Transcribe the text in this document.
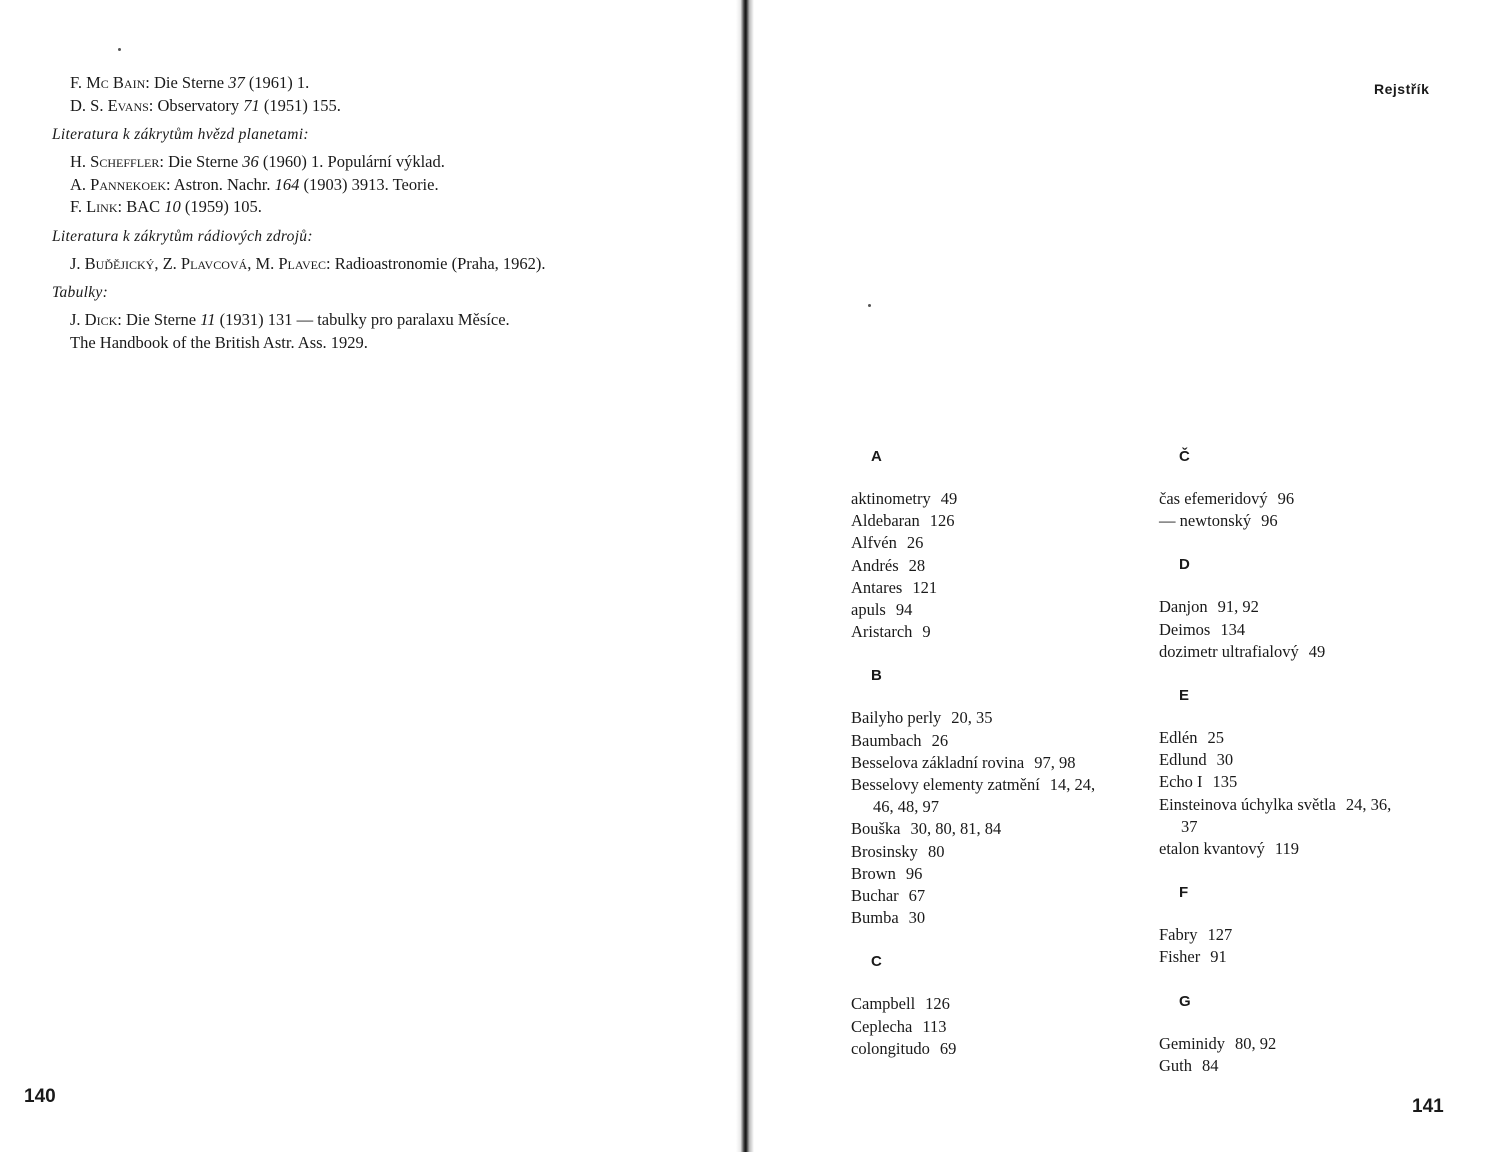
F. Mc Bain: Die Sterne 37 (1961) 1.
D. S. Evans: Observatory 71 (1951) 155.
Literatura k zákrytům hvězd planetami:
H. Scheffler: Die Sterne 36 (1960) 1. Populární výklad.
A. Pannekoek: Astron. Nachr. 164 (1903) 3913. Teorie.
F. Link: BAC 10 (1959) 105.
Literatura k zákrytům rádiových zdrojů:
J. Buďějický, Z. Plavcová, M. Plavec: Radioastronomie (Praha, 1962).
Tabulky:
J. Dick: Die Sterne 11 (1931) 131 — tabulky pro paralaxu Měsíce.
The Handbook of the British Astr. Ass. 1929.
140
Rejstřík
A
aktinometry 49
Aldebaran 126
Alfvén 26
Andrés 28
Antares 121
apuls 94
Aristarch 9
B
Bailyho perly 20, 35
Baumbach 26
Besselova základní rovina 97, 98
Besselovy elementy zatmění 14, 24,
46, 48, 97
Bouška 30, 80, 81, 84
Brosinsky 80
Brown 96
Buchar 67
Bumba 30
C
Campbell 126
Ceplecha 113
colongitudo 69
Č
čas efemeridový 96
— newtonský 96
D
Danjon 91, 92
Deimos 134
dozimetr ultrafialový 49
E
Edlén 25
Edlund 30
Echo I 135
Einsteinova úchylka světla 24, 36,
37
etalon kvantový 119
F
Fabry 127
Fisher 91
G
Geminidy 80, 92
Guth 84
141
